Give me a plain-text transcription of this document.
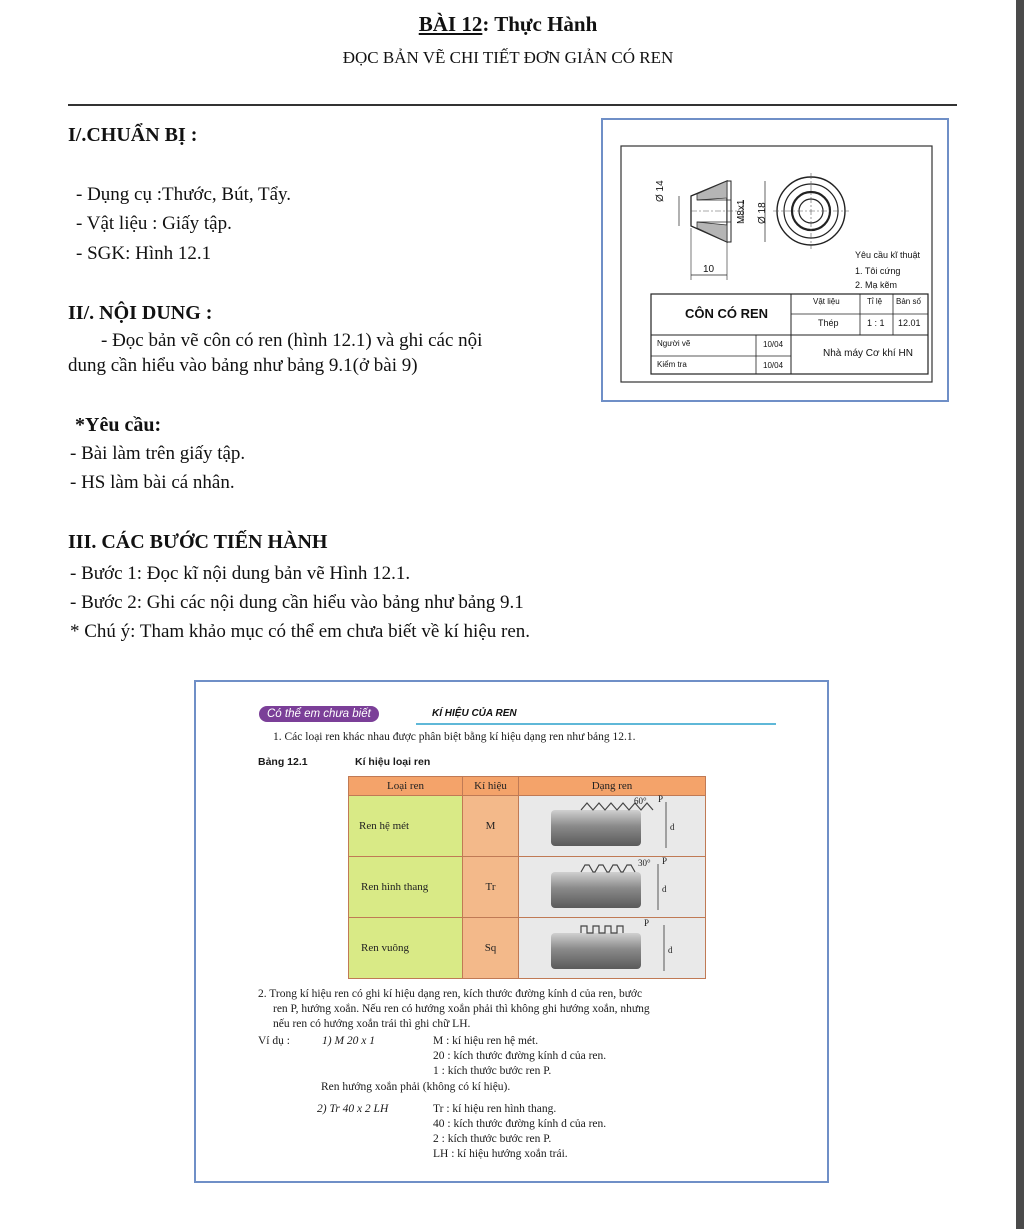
BÀI 12: Thực Hành
ĐỌC BẢN VẼ CHI TIẾT ĐƠN GIẢN CÓ REN
I/.CHUẨN BỊ :
- Dụng cụ :Thước, Bút, Tẩy.
- Vật liệu : Giấy tập.
- SGK: Hình 12.1
II/. NỘI DUNG :
- Đọc bản vẽ côn có ren (hình 12.1) và ghi các nội
dung cần hiểu vào bảng như bảng 9.1(ở bài 9)
*Yêu cầu:
- Bài làm trên giấy tập.
- HS làm bài cá nhân.
III. CÁC BƯỚC TIẾN HÀNH
- Bước 1: Đọc kĩ nội dung bản vẽ Hình 12.1.
- Bước 2: Ghi các nội dung cần hiểu vào bảng như bảng 9.1
* Chú ý: Tham khảo mục có thể em chưa biết về kí hiệu ren.
Ø 14
M8x1 Ø 18
10
Yêu cầu kĩ thuật
1. Tôi cứng
2. Mạ kẽm
CÔN CÓ REN
Vật liệu	Tỉ lệ Bản số
Thép	1 : 1 12.01
Người vẽ	10/04
Kiểm tra	10/04
Nhà máy Cơ khí HN
Có thể em chưa biết	KÍ HIỆU CỦA REN
1. Các loại ren khác nhau được phân biệt bằng kí hiệu dạng ren như bảng 12.1.
Bảng 12.1	Kí hiệu loại ren
Loại ren	Kí hiệu	Dạng ren
Ren hệ mét	M
Ren hình thang	Tr
Ren vuông	Sq
60° P
d
30° P
d
P
d
2. Trong kí hiệu ren có ghi kí hiệu dạng ren, kích thước đường kính d của ren, bước
ren P, hướng xoắn. Nếu ren có hướng xoắn phải thì không ghi hướng xoắn, nhưng
nếu ren có hướng xoắn trái thì ghi chữ LH.
Ví dụ :	1) M 20 x 1	M : kí hiệu ren hệ mét.
20 : kích thước đường kính d của ren.
1 : kích thước bước ren P.
Ren hướng xoắn phải (không có kí hiệu).
2) Tr 40 x 2 LH	Tr : kí hiệu ren hình thang.
40 : kích thước đường kính d của ren.
2 : kích thước bước ren P.
LH : kí hiệu hướng xoắn trái.
